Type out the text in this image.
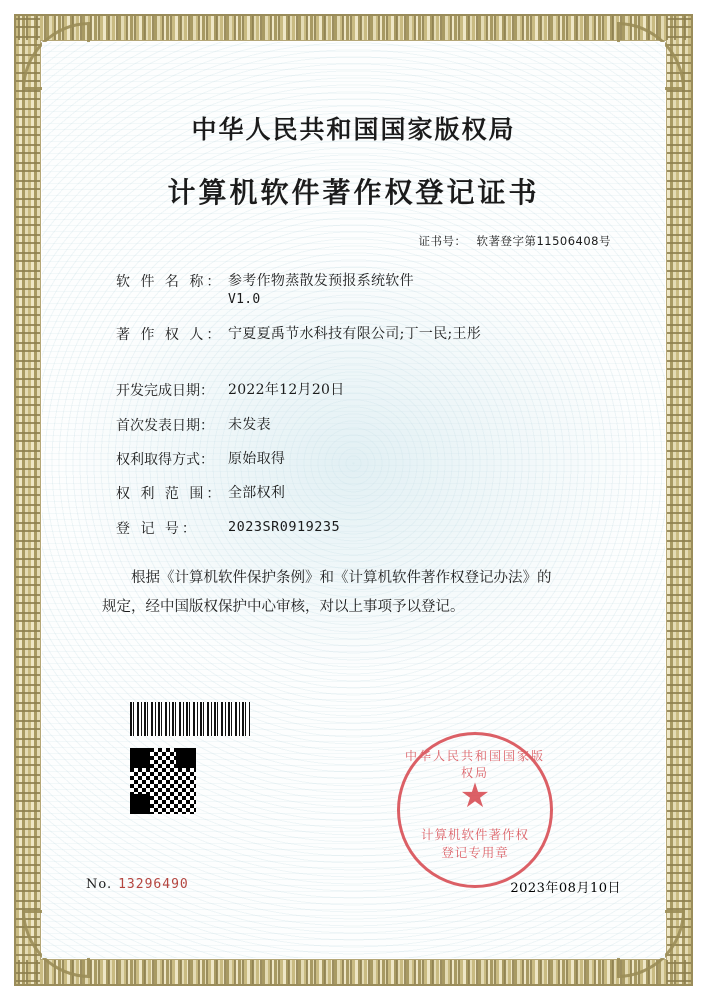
中华人民共和国国家版权局
计算机软件著作权登记证书
证书号： 软著登字第11506408号
软 件 名 称： 参考作物蒸散发预报系统软件
V1.0
著 作 权 人： 宁夏夏禹节水科技有限公司;丁一民;王彤
开发完成日期：	2022年12月20日
首次发表日期：	未发表
权利取得方式：	原始取得
权 利 范 围： 全部权利
登 记 号：	2023SR0919235

根据《计算机软件保护条例》和《计算机软件著作权登记办法》的

规定，经中国版权保护中心审核，对以上事项予以登记。

中华人民共和国国家版权局
★
计算机软件著作权
登记专用章
No. 13296490	2023年08月10日
